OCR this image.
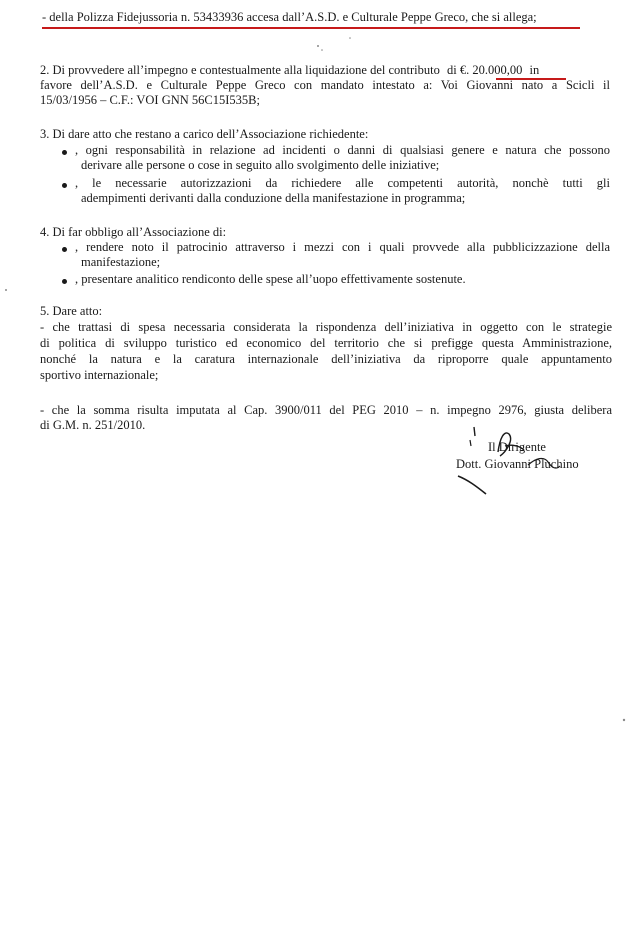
- della Polizza Fidejussoria n. 53433936 accesa dall’A.S.D. e Culturale Peppe Greco, che si allega;
2. Di provvedere all’impegno e contestualmente alla liquidazione del contributo di €. 20.000,00 in
favore dell’A.S.D. e Culturale Peppe Greco con mandato intestato a: Voi Giovanni nato a Scicli il
15/03/1956 – C.F.: VOI GNN 56C15I535B;
3. Di dare atto che restano a carico dell’Associazione richiedente:
, ogni responsabilità in relazione ad incidenti o danni di qualsiasi genere e natura che possono
derivare alle persone o cose in seguito allo svolgimento delle iniziative;
, le necessarie autorizzazioni da richiedere alle competenti autorità, nonchè tutti gli
adempimenti derivanti dalla conduzione della manifestazione in programma;
4. Di far obbligo all’Associazione di:
, rendere noto il patrocinio attraverso i mezzi con i quali provvede alla pubblicizzazione della
manifestazione;
, presentare analitico rendiconto delle spese all’uopo effettivamente sostenute.
5. Dare atto:
- che trattasi di spesa necessaria considerata la rispondenza dell’iniziativa in oggetto con le strategie
di politica di sviluppo turistico ed economico del territorio che si prefigge questa Amministrazione,
nonché la natura e la caratura internazionale dell’iniziativa da riproporre quale appuntamento
sportivo internazionale;
- che la somma risulta imputata al Cap. 3900/011 del PEG 2010 – n. impegno 2976, giusta delibera
di G.M. n. 251/2010.
Il Dirigente
Dott. Giovanni Pluchino
